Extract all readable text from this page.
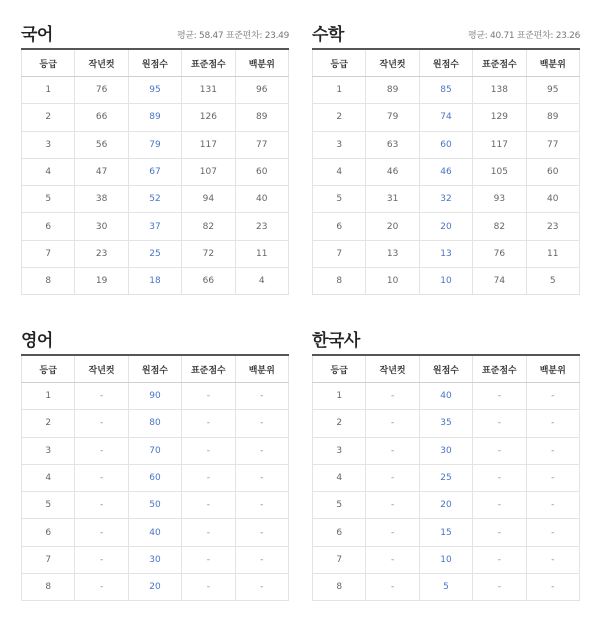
국어	평균: 58.47 표준편차: 23.49
등급	작년컷	원점수	표준점수	백분위
1	76	95	131	96
2	66	89	126	89
3	56	79	117	77
4	47	67	107	60
5	38	52	94	40
6	30	37	82	23
7	23	25	72	11
8	19	18	66	4
수학	평균: 40.71 표준편차: 23.26
등급	작년컷	원점수	표준점수	백분위
1	89	85	138	95
2	79	74	129	89
3	63	60	117	77
4	46	46	105	60
5	31	32	93	40
6	20	20	82	23
7	13	13	76	11
8	10	10	74	5
영어
등급	작년컷	원점수	표준점수	백분위
1	-	90	-	-
2	-	80	-	-
3	-	70	-	-
4	-	60	-	-
5	-	50	-	-
6	-	40	-	-
7	-	30	-	-
8	-	20	-	-
한국사
등급	작년컷	원점수	표준점수	백분위
1	-	40	-	-
2	-	35	-	-
3	-	30	-	-
4	-	25	-	-
5	-	20	-	-
6	-	15	-	-
7	-	10	-	-
8	-	5	-	-
